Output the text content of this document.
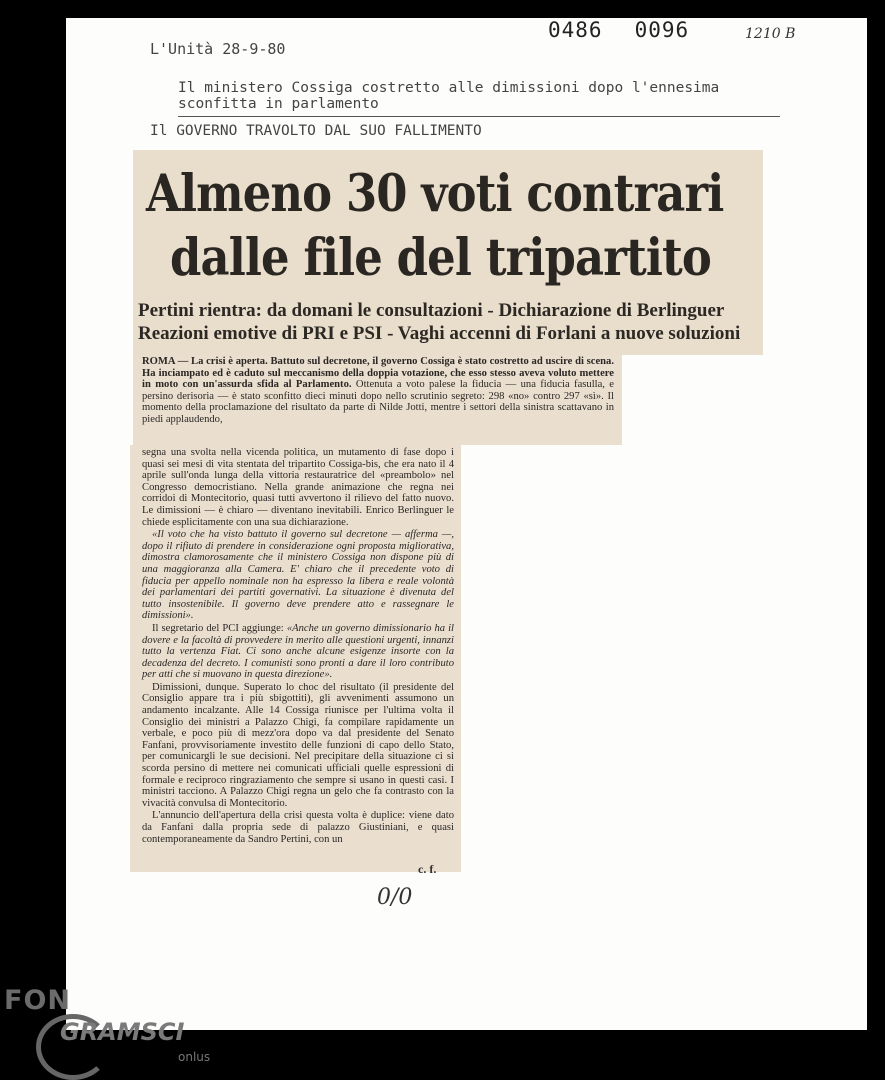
L'Unità 28-9-80
0486 0096	1210 B
Il ministero Cossiga costretto alle dimissioni dopo l'ennesima
sconfitta in parlamento
Il GOVERNO TRAVOLTO DAL SUO FALLIMENTO
Almeno 30 voti contrari
dalle file del tripartito
Pertini rientra: da domani le consultazioni - Dichiarazione di Berlinguer
Reazioni emotive di PRI e PSI - Vaghi accenni di Forlani a nuove soluzioni

ROMA — La crisi è aperta. Battuto sul decretone, il governo Cossiga è stato costretto ad uscire di scena. Ha inciampato ed è caduto sul meccanismo della doppia votazione, che esso stesso aveva voluto mettere in moto con un'assurda sfida al Parlamento. Ottenuta a voto palese la fiducia — una fiducia fasulla, e persino derisoria — è stato sconfitto dieci minuti dopo nello scrutinio segreto: 298 «no» contro 297 «sì». Il momento della proclamazione del risultato da parte di Nilde Jotti, mentre i settori della sinistra scattavano in piedi applaudendo,

segna una svolta nella vicenda politica, un mutamento di fase dopo i quasi sei mesi di vita stentata del tripartito Cossiga-bis, che era nato il 4 aprile sull'onda lunga della vittoria restauratrice del «preambolo» nel Congresso democristiano. Nella grande animazione che regna nei corridoi di Montecitorio, quasi tutti avvertono il rilievo del fatto nuovo. Le dimissioni — è chiaro — diventano inevitabili. Enrico Berlinguer le chiede esplicitamente con una sua dichiarazione.

«Il voto che ha visto battuto il governo sul decretone — afferma —, dopo il rifiuto di prendere in considerazione ogni proposta migliorativa, dimostra clamorosamente che il ministero Cossiga non dispone più di una maggioranza alla Camera. E' chiaro che il precedente voto di fiducia per appello nominale non ha espresso la libera e reale volontà dei parlamentari dei partiti governativi. La situazione è divenuta del tutto insostenibile. Il governo deve prendere atto e rassegnare le dimissioni».

Il segretario del PCI aggiunge: «Anche un governo dimissionario ha il dovere e la facoltà di provvedere in merito alle questioni urgenti, innanzi tutto la vertenza Fiat. Ci sono anche alcune esigenze insorte con la decadenza del decreto. I comunisti sono pronti a dare il loro contributo per atti che si muovano in questa direzione».

Dimissioni, dunque. Superato lo choc del risultato (il presidente del Consiglio appare tra i più sbigottiti), gli avvenimenti assumono un andamento incalzante. Alle 14 Cossiga riunisce per l'ultima volta il Consiglio dei ministri a Palazzo Chigi, fa compilare rapidamente un verbale, e poco più di mezz'ora dopo va dal presidente del Senato Fanfani, provvisoriamente investito delle funzioni di capo dello Stato, per comunicargli le sue decisioni. Nel precipitare della situazione ci si scorda persino di mettere nei comunicati ufficiali quelle espressioni di formale e reciproco ringraziamento che sempre si usano in questi casi. I ministri tacciono. A Palazzo Chigi regna un gelo che fa contrasto con la vivacità convulsa di Montecitorio.

L'annuncio dell'apertura della crisi questa volta è duplice: viene dato da Fanfani dalla propria sede di palazzo Giustiniani, e quasi contemporaneamente da Sandro Pertini, con un

c. f.
0/0
FON
GRAMSCI
onlus
